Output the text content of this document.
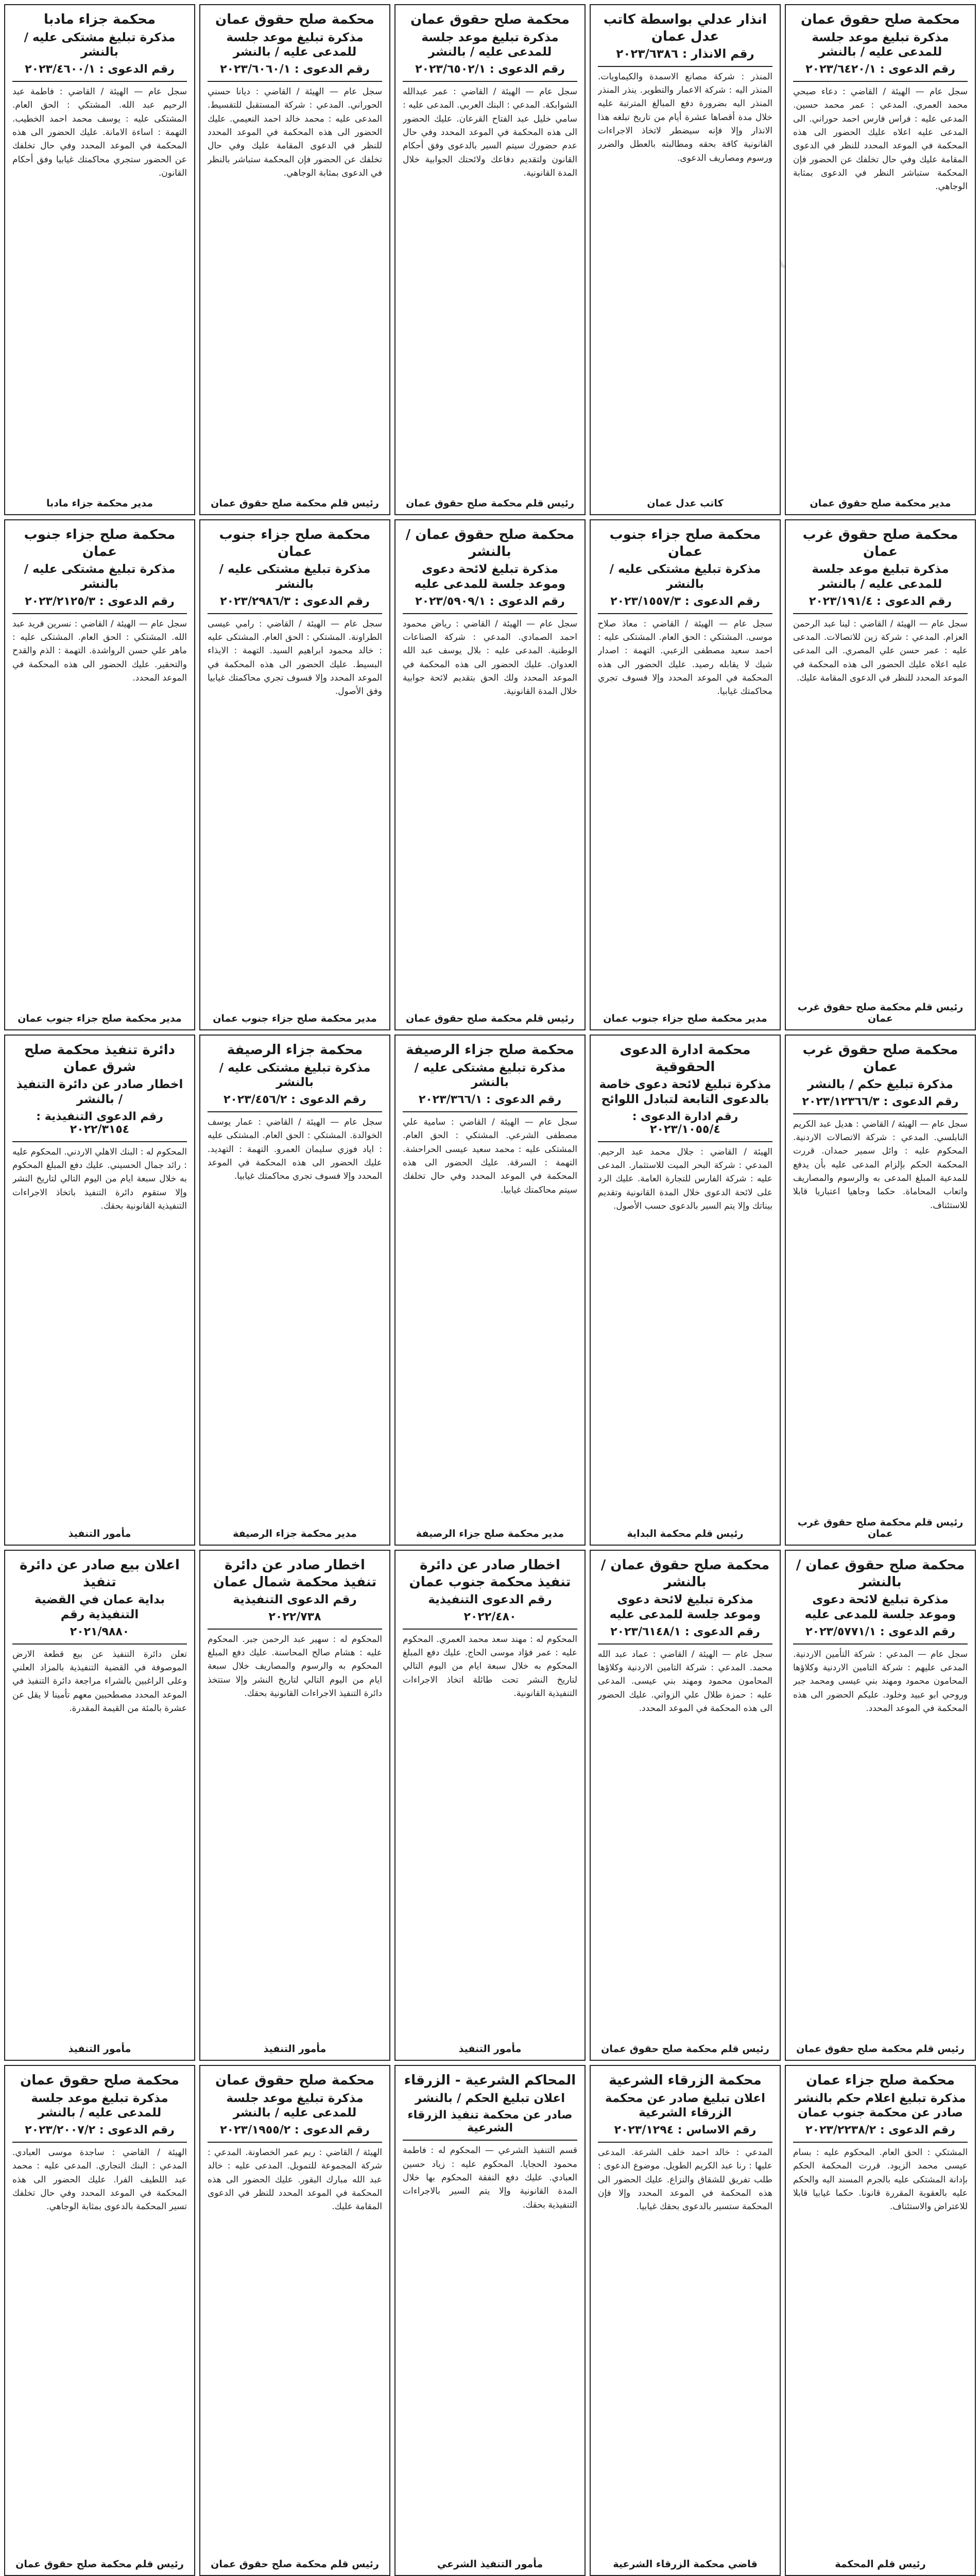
محكمة صلح حقوق عمان
مذكرة تبليغ موعد جلسة للمدعى عليه / بالنشر
رقم الدعوى : ٢٠٢٣/٦٤٢٠/١
سجل عام — الهيئة / القاضي : دعاء صبحي محمد العمري. المدعي : عمر محمد حسين. المدعى عليه : فراس فارس احمد حوراني. الى المدعى عليه اعلاه عليك الحضور الى هذه المحكمة في الموعد المحدد للنظر في الدعوى المقامة عليك وفي حال تخلفك عن الحضور فإن المحكمة ستباشر النظر في الدعوى بمثابة الوجاهي.
مدير محكمة صلح حقوق عمان
انذار عدلي بواسطة كاتب عدل عمان
رقم الانذار : ٢٠٢٣/٦٣٨٦
المنذر : شركة مصانع الاسمدة والكيماويات. المنذر اليه : شركة الاعمار والتطوير. ينذر المنذر المنذر اليه بضرورة دفع المبالغ المترتبة عليه خلال مدة أقصاها عشرة أيام من تاريخ تبلغه هذا الانذار وإلا فإنه سيضطر لاتخاذ الاجراءات القانونية كافة بحقه ومطالبته بالعطل والضرر ورسوم ومصاريف الدعوى.
كاتب عدل عمان
محكمة صلح حقوق عمان
مذكرة تبليغ موعد جلسة للمدعى عليه / بالنشر
رقم الدعوى : ٢٠٢٣/٦٥٠٢/١
سجل عام — الهيئة / القاضي : عمر عبدالله الشوابكة. المدعي : البنك العربي. المدعى عليه : سامي خليل عبد الفتاح القرعان. عليك الحضور الى هذه المحكمة في الموعد المحدد وفي حال عدم حضورك سيتم السير بالدعوى وفق أحكام القانون ولتقديم دفاعك ولائحتك الجوابية خلال المدة القانونية.
رئيس قلم محكمة صلح حقوق عمان
محكمة صلح حقوق عمان
مذكرة تبليغ موعد جلسة للمدعى عليه / بالنشر
رقم الدعوى : ٢٠٢٣/٦٠٦٠/١
سجل عام — الهيئة / القاضي : ديانا حسني الحوراني. المدعي : شركة المستقبل للتقسيط. المدعى عليه : محمد خالد احمد النعيمي. عليك الحضور الى هذه المحكمة في الموعد المحدد للنظر في الدعوى المقامة عليك وفي حال تخلفك عن الحضور فإن المحكمة ستباشر بالنظر في الدعوى بمثابة الوجاهي.
رئيس قلم محكمة صلح حقوق عمان
محكمة جزاء مادبا
مذكرة تبليغ مشتكى عليه / بالنشر
رقم الدعوى : ٢٠٢٣/٤٦٠٠/١
سجل عام — الهيئة / القاضي : فاطمة عبد الرحيم عبد الله. المشتكي : الحق العام. المشتكى عليه : يوسف محمد احمد الخطيب. التهمة : اساءة الامانة. عليك الحضور الى هذه المحكمة في الموعد المحدد وفي حال تخلفك عن الحضور ستجري محاكمتك غيابيا وفق أحكام القانون.
مدير محكمة جزاء مادبا
محكمة صلح حقوق غرب عمان
مذكرة تبليغ موعد جلسة للمدعى عليه / بالنشر
رقم الدعوى : ٢٠٢٣/١٩١/٤
سجل عام — الهيئة / القاضي : لينا عبد الرحمن العزام. المدعي : شركة زين للاتصالات. المدعى عليه : عمر حسن علي المصري. الى المدعى عليه اعلاه عليك الحضور الى هذه المحكمة في الموعد المحدد للنظر في الدعوى المقامة عليك.
رئيس قلم محكمة صلح حقوق غرب عمان
محكمة صلح جزاء جنوب عمان
مذكرة تبليغ مشتكى عليه / بالنشر
رقم الدعوى : ٢٠٢٣/١٥٥٧/٣
سجل عام — الهيئة / القاضي : معاذ صلاح موسى. المشتكي : الحق العام. المشتكى عليه : احمد سعيد مصطفى الزعبي. التهمة : اصدار شيك لا يقابله رصيد. عليك الحضور الى هذه المحكمة في الموعد المحدد وإلا فسوف تجري محاكمتك غيابيا.
مدير محكمة صلح جزاء جنوب عمان
محكمة صلح حقوق عمان / بالنشر
مذكرة تبليغ لائحة دعوى وموعد جلسة للمدعى عليه
رقم الدعوى : ٢٠٢٣/٥٩٠٩/١
سجل عام — الهيئة / القاضي : رياض محمود احمد الصمادي. المدعي : شركة الصناعات الوطنية. المدعى عليه : بلال يوسف عبد الله العدوان. عليك الحضور الى هذه المحكمة في الموعد المحدد ولك الحق بتقديم لائحة جوابية خلال المدة القانونية.
رئيس قلم محكمة صلح حقوق عمان
محكمة صلح جزاء جنوب عمان
مذكرة تبليغ مشتكى عليه / بالنشر
رقم الدعوى : ٢٠٢٣/٢٩٨٦/٣
سجل عام — الهيئة / القاضي : رامي عيسى الطراونة. المشتكي : الحق العام. المشتكى عليه : خالد محمود ابراهيم السيد. التهمة : الايذاء البسيط. عليك الحضور الى هذه المحكمة في الموعد المحدد وإلا فسوف تجري محاكمتك غيابيا وفق الأصول.
مدير محكمة صلح جزاء جنوب عمان
محكمة صلح جزاء جنوب عمان
مذكرة تبليغ مشتكى عليه / بالنشر
رقم الدعوى : ٢٠٢٣/٢١٢٥/٣
سجل عام — الهيئة / القاضي : نسرين فريد عبد الله. المشتكي : الحق العام. المشتكى عليه : ماهر علي حسن الرواشدة. التهمة : الذم والقدح والتحقير. عليك الحضور الى هذه المحكمة في الموعد المحدد.
مدير محكمة صلح جزاء جنوب عمان
محكمة صلح حقوق غرب عمان
مذكرة تبليغ حكم / بالنشر
رقم الدعوى : ٢٠٢٣/١٢٣٦٦/٣
سجل عام — الهيئة / القاضي : هديل عبد الكريم النابلسي. المدعي : شركة الاتصالات الاردنية. المحكوم عليه : وائل سمير حمدان. قررت المحكمة الحكم بإلزام المدعى عليه بأن يدفع للمدعية المبلغ المدعى به والرسوم والمصاريف واتعاب المحاماة. حكما وجاهيا اعتباريا قابلا للاستئناف.
رئيس قلم محكمة صلح حقوق غرب عمان
محكمة ادارة الدعوى الحقوقية
مذكرة تبليغ لائحة دعوى خاصة بالدعوى التابعة لتبادل اللوائح
رقم ادارة الدعوى : ٢٠٢٣/١٠٥٥/٤
الهيئة / القاضي : جلال محمد عبد الرحيم. المدعي : شركة البحر الميت للاستثمار. المدعى عليه : شركة الفارس للتجارة العامة. عليك الرد على لائحة الدعوى خلال المدة القانونية وتقديم بيناتك وإلا يتم السير بالدعوى حسب الأصول.
رئيس قلم محكمة البداية
محكمة صلح جزاء الرصيفة
مذكرة تبليغ مشتكى عليه / بالنشر
رقم الدعوى : ٢٠٢٣/٣٦٦/١
سجل عام — الهيئة / القاضي : سامية علي مصطفى الشرعي. المشتكي : الحق العام. المشتكى عليه : محمد سعيد عيسى الحراحشة. التهمة : السرقة. عليك الحضور الى هذه المحكمة في الموعد المحدد وفي حال تخلفك سيتم محاكمتك غيابيا.
مدير محكمة صلح جزاء الرصيفة
محكمة جزاء الرصيفة
مذكرة تبليغ مشتكى عليه / بالنشر
رقم الدعوى : ٢٠٢٣/٤٥٦/٢
سجل عام — الهيئة / القاضي : عمار يوسف الخوالدة. المشتكي : الحق العام. المشتكى عليه : اياد فوزي سليمان العمرو. التهمة : التهديد. عليك الحضور الى هذه المحكمة في الموعد المحدد وإلا فسوف تجري محاكمتك غيابيا.
مدير محكمة جزاء الرصيفة
دائرة تنفيذ محكمة صلح شرق عمان
اخطار صادر عن دائرة التنفيذ / بالنشر
رقم الدعوى التنفيذية : ٢٠٢٢/٣١٥٤
المحكوم له : البنك الاهلي الاردني. المحكوم عليه : رائد جمال الحسيني. عليك دفع المبلغ المحكوم به خلال سبعة ايام من اليوم التالي لتاريخ النشر وإلا ستقوم دائرة التنفيذ باتخاذ الاجراءات التنفيذية القانونية بحقك.
مأمور التنفيذ
محكمة صلح حقوق عمان / بالنشر
مذكرة تبليغ لائحة دعوى وموعد جلسة للمدعى عليه
رقم الدعوى : ٢٠٢٣/٥٧٧١/١
سجل عام — المدعي : شركة التأمين الاردنية. المدعى عليهم : شركة التامين الاردنية وكلاؤها المحامون محمود ومهند بني عيسى ومحمد جبر وروحي ابو عبيد وخلود. عليكم الحضور الى هذه المحكمة في الموعد المحدد.
رئيس قلم محكمة صلح حقوق عمان
محكمة صلح حقوق عمان / بالنشر
مذكرة تبليغ لائحة دعوى وموعد جلسة للمدعى عليه
رقم الدعوى : ٢٠٢٣/٦١٤٨/١
سجل عام — الهيئة / القاضي : عماد عبد الله محمد. المدعي : شركة التامين الاردنية وكلاؤها المحامون محمود ومهند بني عيسى. المدعى عليه : حمزة طلال علي الزواتي. عليك الحضور الى هذه المحكمة في الموعد المحدد.
رئيس قلم محكمة صلح حقوق عمان
اخطار صادر عن دائرة تنفيذ محكمة جنوب عمان
رقم الدعوى التنفيذية
٢٠٢٢/٤٨٠
المحكوم له : مهند سعد محمد العمري. المحكوم عليه : عمر فؤاد موسى الحاج. عليك دفع المبلغ المحكوم به خلال سبعة ايام من اليوم التالي لتاريخ النشر تحت طائلة اتخاذ الاجراءات التنفيذية القانونية.
مأمور التنفيذ
اخطار صادر عن دائرة تنفيذ محكمة شمال عمان
رقم الدعوى التنفيذية
٢٠٢٢/٧٣٨
المحكوم له : سهير عبد الرحمن جبر. المحكوم عليه : هشام صالح المحاسنة. عليك دفع المبلغ المحكوم به والرسوم والمصاريف خلال سبعة ايام من اليوم التالي لتاريخ النشر وإلا ستتخذ دائرة التنفيذ الاجراءات القانونية بحقك.
مأمور التنفيذ
اعلان بيع صادر عن دائرة تنفيذ
بداية عمان في القضية التنفيذية رقم
٢٠٢١/٩٨٨٠
تعلن دائرة التنفيذ عن بيع قطعة الارض الموصوفة في القضية التنفيذية بالمزاد العلني وعلى الراغبين بالشراء مراجعة دائرة التنفيذ في الموعد المحدد مصطحبين معهم تأمينا لا يقل عن عشرة بالمئة من القيمة المقدرة.
مأمور التنفيذ
محكمة صلح جزاء عمان
مذكرة تبليغ اعلام حكم بالنشر صادر عن محكمة جنوب عمان
رقم الدعوى : ٢٠٢٣/٢٢٣٨/٢
المشتكي : الحق العام. المحكوم عليه : بسام عيسى محمد الزيود. قررت المحكمة الحكم بإدانة المشتكى عليه بالجرم المسند اليه والحكم عليه بالعقوبة المقررة قانونا. حكما غيابيا قابلا للاعتراض والاستئناف.
رئيس قلم المحكمة
محكمة الزرقاء الشرعية
اعلان تبليغ صادر عن محكمة الزرقاء الشرعية
رقم الاساس : ٢٠٢٣/١٢٩٤
المدعي : خالد احمد خلف الشرعة. المدعى عليها : رنا عبد الكريم الطويل. موضوع الدعوى : طلب تفريق للشقاق والنزاع. عليك الحضور الى هذه المحكمة في الموعد المحدد وإلا فإن المحكمة ستسير بالدعوى بحقك غيابيا.
قاضي محكمة الزرقاء الشرعية
المحاكم الشرعية - الزرقاء
اعلان تبليغ الحكم / بالنشر
صادر عن محكمة تنفيذ الزرقاء الشرعية
قسم التنفيذ الشرعي — المحكوم له : فاطمة محمود الحجايا. المحكوم عليه : زياد حسين العبادي. عليك دفع النفقة المحكوم بها خلال المدة القانونية وإلا يتم السير بالاجراءات التنفيذية بحقك.
مأمور التنفيذ الشرعي
محكمة صلح حقوق عمان
مذكرة تبليغ موعد جلسة للمدعى عليه / بالنشر
رقم الدعوى : ٢٠٢٣/١٩٥٥/٢
الهيئة / القاضي : ريم عمر الخصاونة. المدعي : شركة المجموعة للتمويل. المدعى عليه : خالد عبد الله مبارك البقور. عليك الحضور الى هذه المحكمة في الموعد المحدد للنظر في الدعوى المقامة عليك.
رئيس قلم محكمة صلح حقوق عمان
محكمة صلح حقوق عمان
مذكرة تبليغ موعد جلسة للمدعى عليه / بالنشر
رقم الدعوى : ٢٠٢٣/٢٠٠٧/٢
الهيئة / القاضي : ساجدة موسى العبادي. المدعي : البنك التجاري. المدعى عليه : محمد عبد اللطيف الفرا. عليك الحضور الى هذه المحكمة في الموعد المحدد وفي حال تخلفك تسير المحكمة بالدعوى بمثابة الوجاهي.
رئيس قلم محكمة صلح حقوق عمان
